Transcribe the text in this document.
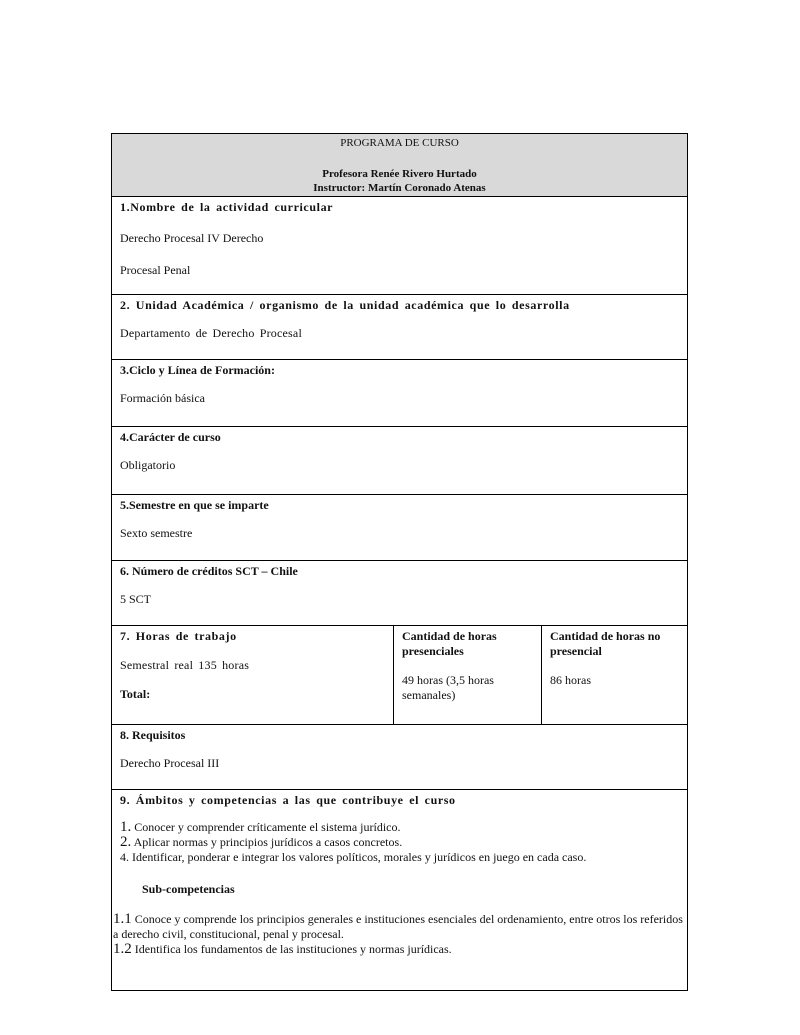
PROGRAMA DE CURSO
Profesora Renée Rivero Hurtado
Instructor: Martín Coronado Atenas
1.Nombre de la actividad curricular
Derecho Procesal IV Derecho
Procesal Penal
2. Unidad Académica / organismo de la unidad académica que lo desarrolla
Departamento de Derecho Procesal
3.Ciclo y Línea de Formación:
Formación básica
4.Carácter de curso
Obligatorio
5.Semestre en que se imparte
Sexto semestre
6. Número de créditos SCT – Chile
5 SCT
7. Horas de trabajo
Semestral real 135 horas
Total:
Cantidad de horas presenciales
49 horas (3,5 horas semanales)
Cantidad de horas no presencial
86 horas
8. Requisitos
Derecho Procesal III
9. Ámbitos y competencias a las que contribuye el curso
1. Conocer y comprender críticamente el sistema jurídico.
2. Aplicar normas y principios jurídicos a casos concretos.
4. Identificar, ponderar e integrar los valores políticos, morales y jurídicos en juego en cada caso.
Sub-competencias
1.1 Conoce y comprende los principios generales e instituciones esenciales del ordenamiento, entre otros los referidos a derecho civil, constitucional, penal y procesal.
1.2 Identifica los fundamentos de las instituciones y normas jurídicas.
